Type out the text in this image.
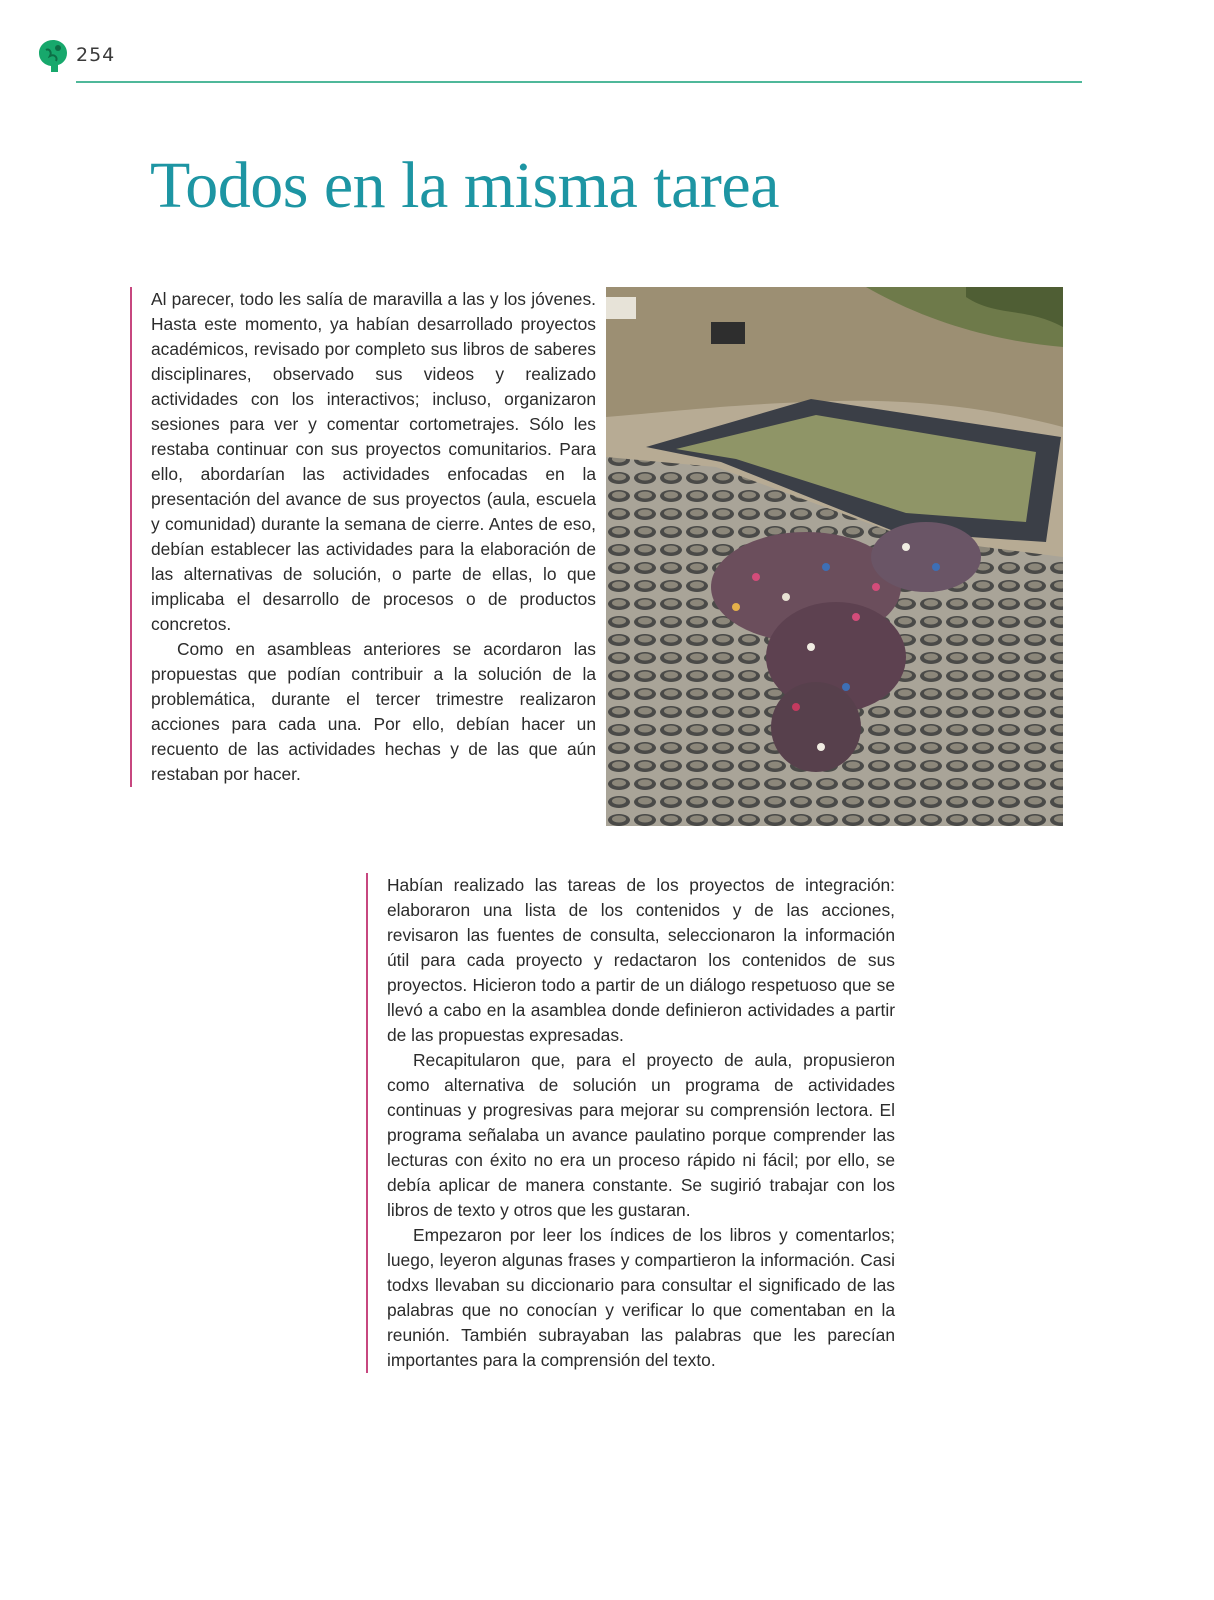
254
Todos en la misma tarea

Al parecer, todo les salía de maravilla a las y los jóvenes. Hasta este momento, ya habían desarrollado proyectos académicos, revisado por completo sus libros de saberes disciplinares, observado sus videos y realizado actividades con los interactivos; incluso, organizaron sesiones para ver y comentar cortometrajes. Sólo les restaba continuar con sus proyectos comunitarios. Para ello, abordarían las actividades enfocadas en la presentación del avance de sus proyectos (aula, escuela y comunidad) durante la semana de cierre. Antes de eso, debían establecer las actividades para la elaboración de las alternativas de solución, o parte de ellas, lo que implicaba el desarrollo de procesos o de productos concretos.

Como en asambleas anteriores se acordaron las propuestas que podían contribuir a la solución de la problemática, durante el tercer trimestre realizaron acciones para cada una. Por ello, debían hacer un recuento de las actividades hechas y de las que aún restaban por hacer.

Habían realizado las tareas de los proyectos de integración: elaboraron una lista de los contenidos y de las acciones, revisaron las fuentes de consulta, seleccionaron la información útil para cada proyecto y redactaron los contenidos de sus proyectos. Hicieron todo a partir de un diálogo respetuoso que se llevó a cabo en la asamblea donde definieron actividades a partir de las propuestas expresadas.

Recapitularon que, para el proyecto de aula, propusieron como alternativa de solución un programa de actividades continuas y progresivas para mejorar su comprensión lectora. El programa señalaba un avance paulatino porque comprender las lecturas con éxito no era un proceso rápido ni fácil; por ello, se debía aplicar de manera constante. Se sugirió trabajar con los libros de texto y otros que les gustaran.

Empezaron por leer los índices de los libros y comentarlos; luego, leyeron algunas frases y compartieron la información. Casi todxs llevaban su diccionario para consultar el significado de las palabras que no conocían y verificar lo que comentaban en la reunión. También subrayaban las palabras que les parecían importantes para la comprensión del texto.
